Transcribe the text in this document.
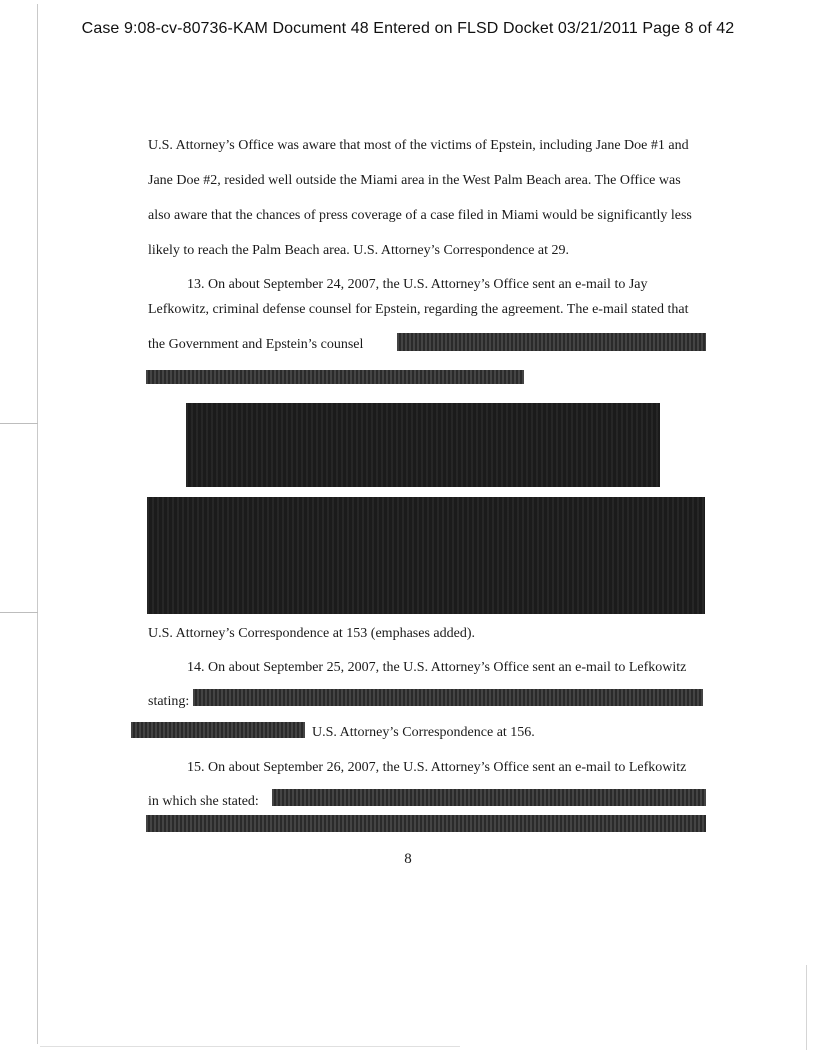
Case 9:08-cv-80736-KAM Document 48 Entered on FLSD Docket 03/21/2011 Page 8 of 42
U.S. Attorney’s Office was aware that most of the victims of Epstein, including Jane Doe #1 and
Jane Doe #2, resided well outside the Miami area in the West Palm Beach area. The Office was
also aware that the chances of press coverage of a case filed in Miami would be significantly less
likely to reach the Palm Beach area. U.S. Attorney’s Correspondence at 29.
13. On about September 24, 2007, the U.S. Attorney’s Office sent an e-mail to Jay
Lefkowitz, criminal defense counsel for Epstein, regarding the agreement. The e-mail stated that
the Government and Epstein’s counsel
U.S. Attorney’s Correspondence at 153 (emphases added).
14. On about September 25, 2007, the U.S. Attorney’s Office sent an e-mail to Lefkowitz
stating:
U.S. Attorney’s Correspondence at 156.
15. On about September 26, 2007, the U.S. Attorney’s Office sent an e-mail to Lefkowitz
in which she stated:
8
